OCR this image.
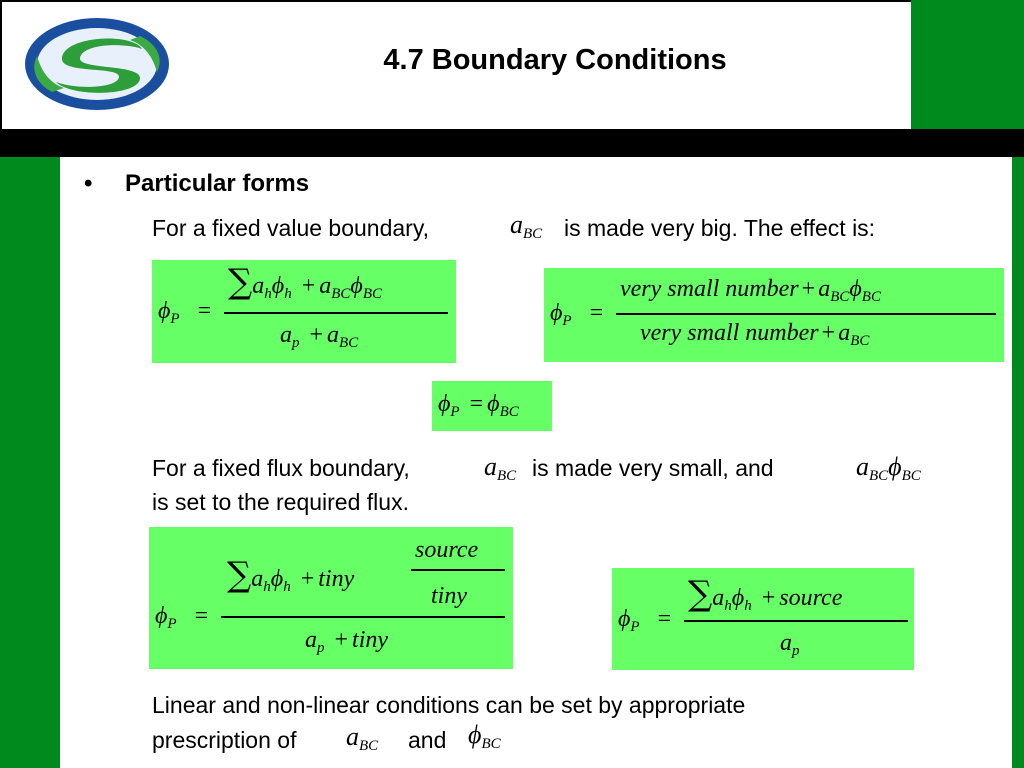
4.7 Boundary Conditions
• Particular forms
For a fixed value boundary,	$a_{BC}$ is made very big. The effect is:
$\phi_P$ =
$\sum a_h\phi_h + a_{BC}\phi_{BC}$
$a_p + a_{BC}$
$\phi_P$ =
very small number + $a_{BC}\phi_{BC}$
very small number + $a_{BC}$
$\phi_P = \phi_{BC}$
For a fixed flux boundary,	$a_{BC}$ is made very small, and	$a_{BC}\phi_{BC}$
is set to the required flux.
$\phi_P$ =
$\sum a_h\phi_h$ + tiny
source
tiny
$a_p$ + tiny
$\phi_P$ =
$\sum a_h\phi_h$ + source
$a_p$
Linear and non-linear conditions can be set by appropriate
prescription of $a_{BC}$ and $\phi_{BC}$
